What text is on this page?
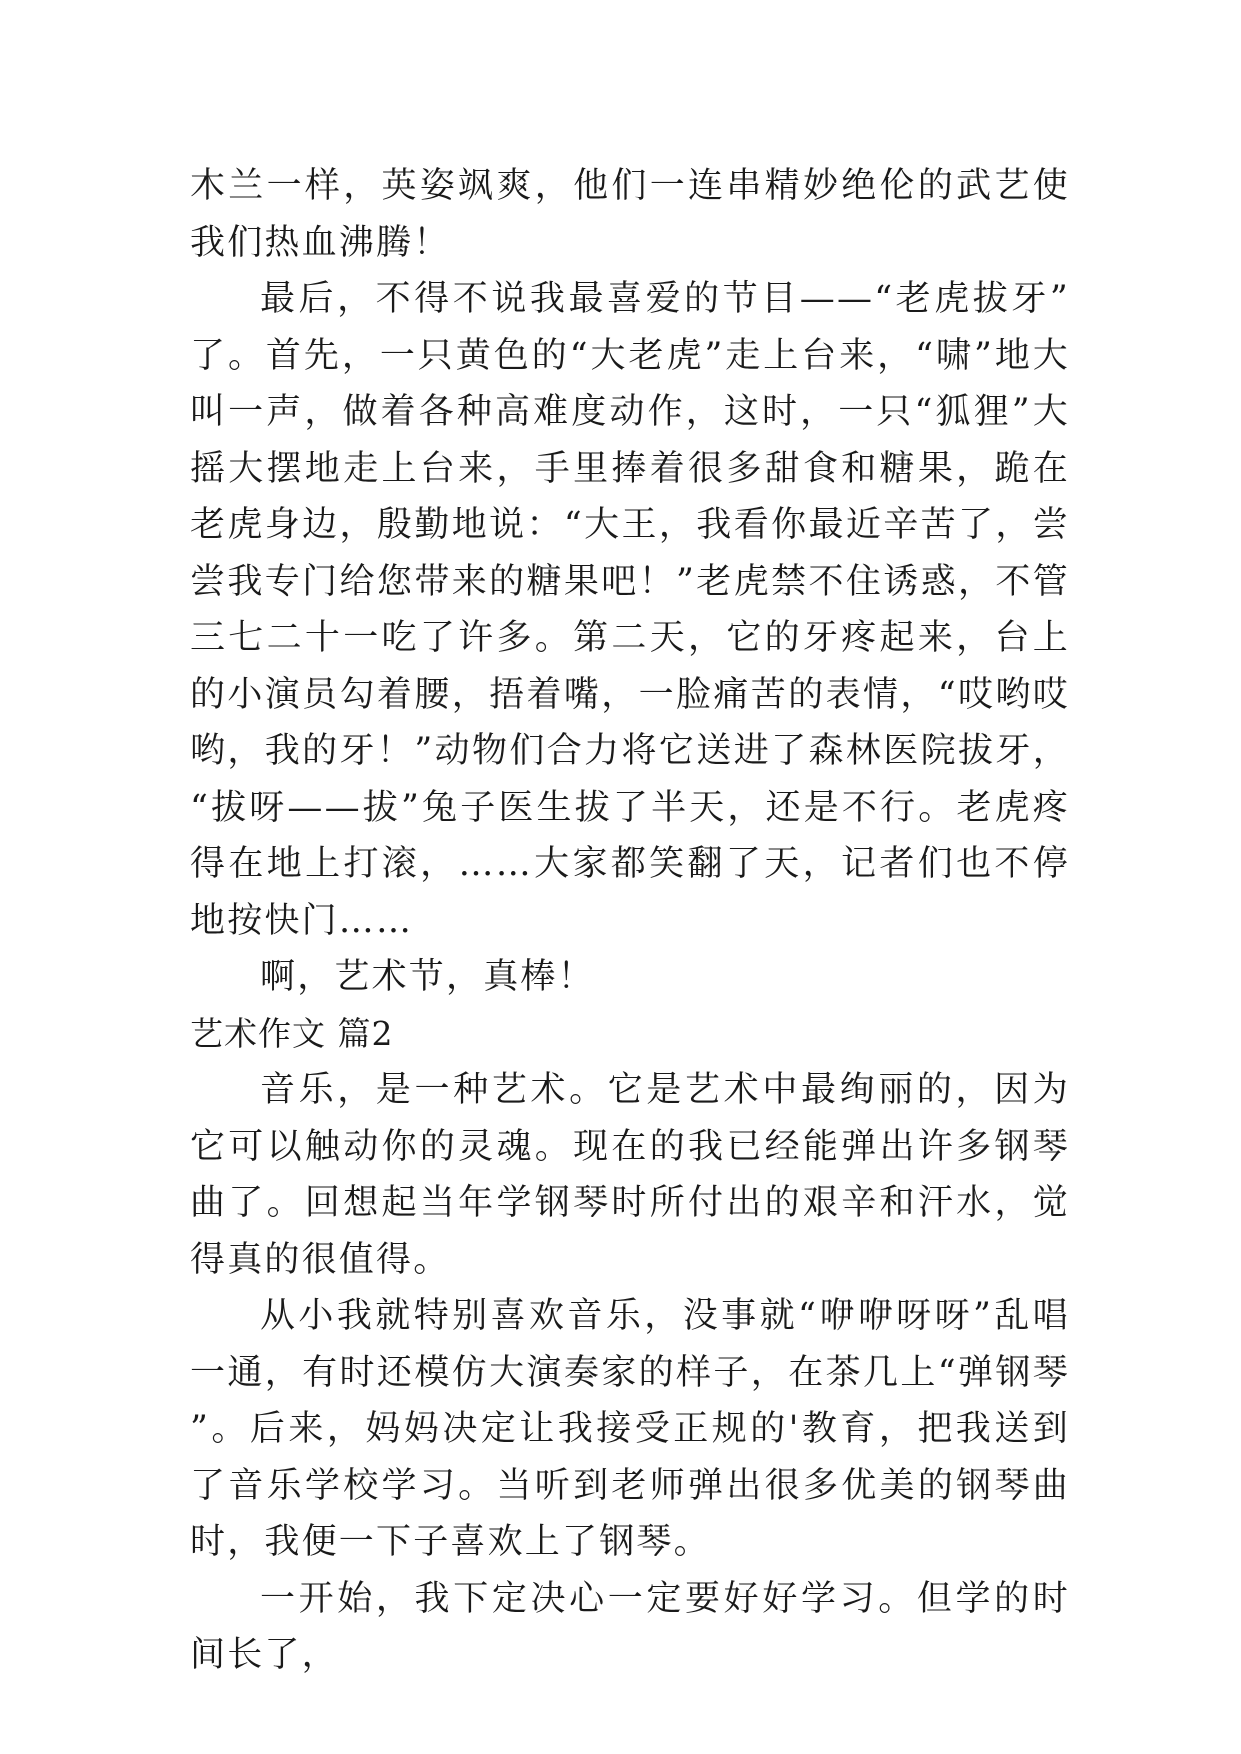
木兰一样，英姿飒爽，他们一连串精妙绝伦的武艺使我们热血沸腾！

最后，不得不说我最喜爱的节目——“老虎拔牙”了。首先，一只黄色的“大老虎”走上台来，“啸”地大叫一声，做着各种高难度动作，这时，一只“狐狸”大摇大摆地走上台来，手里捧着很多甜食和糖果，跪在老虎身边，殷勤地说：“大王，我看你最近辛苦了，尝尝我专门给您带来的糖果吧！”老虎禁不住诱惑，不管三七二十一吃了许多。第二天，它的牙疼起来，台上的小演员勾着腰，捂着嘴，一脸痛苦的表情，“哎哟哎哟，我的牙！”动物们合力将它送进了森林医院拔牙，“拔呀——拔”兔子医生拔了半天，还是不行。老虎疼得在地上打滚，……大家都笑翻了天，记者们也不停地按快门……

啊，艺术节，真棒！

艺术作文 篇2

音乐，是一种艺术。它是艺术中最绚丽的，因为它可以触动你的灵魂。现在的我已经能弹出许多钢琴曲了。回想起当年学钢琴时所付出的艰辛和汗水，觉得真的很值得。

从小我就特别喜欢音乐，没事就“咿咿呀呀”乱唱一通，有时还模仿大演奏家的样子，在茶几上“弹钢琴”。后来，妈妈决定让我接受正规的'教育，把我送到了音乐学校学习。当听到老师弹出很多优美的钢琴曲时，我便一下子喜欢上了钢琴。

一开始，我下定决心一定要好好学习。但学的时间长了，
